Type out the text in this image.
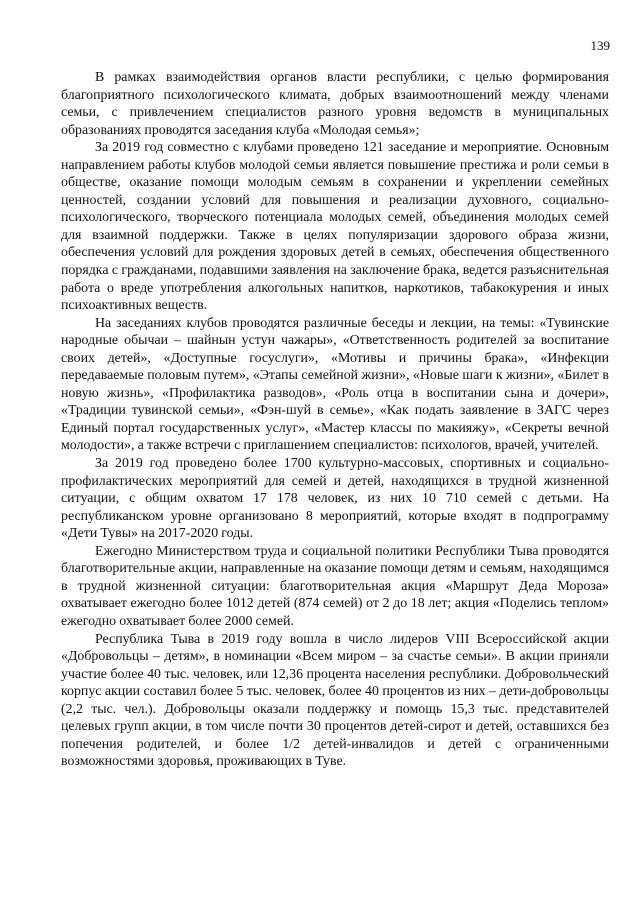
139

В рамках взаимодействия органов власти республики, с целью формирования благоприятного психологического климата, добрых взаимоотношений между членами семьи, с привлечением специалистов разного уровня ведомств в муниципальных образованиях проводятся заседания клуба «Молодая семья»;

За 2019 год совместно с клубами проведено 121 заседание и мероприятие. Основным направлением работы клубов молодой семьи является повышение престижа и роли семьи в обществе, оказание помощи молодым семьям в сохранении и укреплении семейных ценностей, создании условий для повышения и реализации духовного, социально-психологического, творческого потенциала молодых семей, объединения молодых семей для взаимной поддержки. Также в целях популяризации здорового образа жизни, обеспечения условий для рождения здоровых детей в семьях, обеспечения общественного порядка с гражданами, подавшими заявления на заключение брака, ведется разъяснительная работа о вреде употребления алкогольных напитков, наркотиков, табакокурения и иных психоактивных веществ.

На заседаниях клубов проводятся различные беседы и лекции, на темы: «Тувинские народные обычаи – шайнын устун чажары», «Ответственность родителей за воспитание своих детей», «Доступные госуслуги», «Мотивы и причины брака», «Инфекции передаваемые половым путем», «Этапы семейной жизни», «Новые шаги к жизни», «Билет в новую жизнь», «Профилактика разводов», «Роль отца в воспитании сына и дочери», «Традиции тувинской семьи», «Фэн-шуй в семье», «Как подать заявление в ЗАГС через Единый портал государственных услуг», «Мастер классы по макияжу», «Секреты вечной молодости», а также встречи с приглашением специалистов: психологов, врачей, учителей.

За 2019 год проведено более 1700 культурно-массовых, спортивных и социально-профилактических мероприятий для семей и детей, находящихся в трудной жизненной ситуации, с общим охватом 17 178 человек, из них 10 710 семей с детьми. На республиканском уровне организовано 8 мероприятий, которые входят в подпрограмму «Дети Тувы» на 2017-2020 годы.

Ежегодно Министерством труда и социальной политики Республики Тыва проводятся благотворительные акции, направленные на оказание помощи детям и семьям, находящимся в трудной жизненной ситуации: благотворительная акция «Маршрут Деда Мороза» охватывает ежегодно более 1012 детей (874 семей) от 2 до 18 лет; акция «Поделись теплом» ежегодно охватывает более 2000 семей.

Республика Тыва в 2019 году вошла в число лидеров VIII Всероссийской акции «Добровольцы – детям», в номинации «Всем миром – за счастье семьи». В акции приняли участие более 40 тыс. человек, или 12,36 процента населения республики. Добровольческий корпус акции составил более 5 тыс. человек, более 40 процентов из них – дети-добровольцы (2,2 тыс. чел.). Добровольцы оказали поддержку и помощь 15,3 тыс. представителей целевых групп акции, в том числе почти 30 процентов детей-сирот и детей, оставшихся без попечения родителей, и более 1/2 детей-инвалидов и детей с ограниченными возможностями здоровья, проживающих в Туве.
